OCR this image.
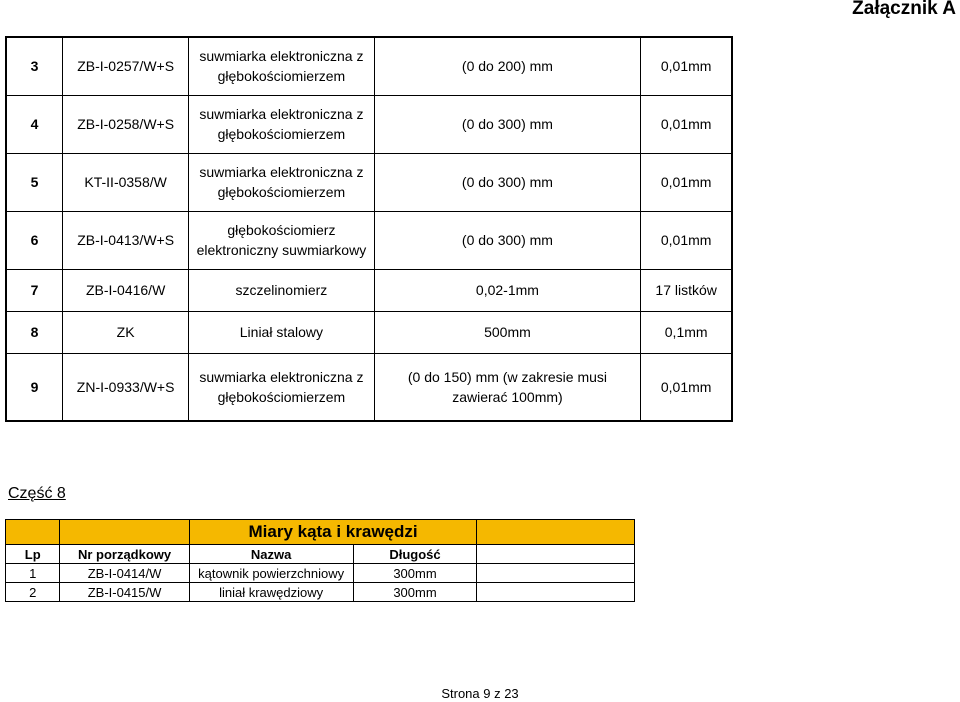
Załącznik A
3	ZB-I-0257/W+S	suwmiarka elektroniczna z głębokościomierzem	(0 do 200) mm	0,01mm
4	ZB-I-0258/W+S	suwmiarka elektroniczna z głębokościomierzem	(0 do 300) mm	0,01mm
5	KT-II-0358/W	suwmiarka elektroniczna z głębokościomierzem	(0 do 300) mm	0,01mm
6	ZB-I-0413/W+S	głębokościomierz elektroniczny suwmiarkowy	(0 do 300) mm	0,01mm
7	ZB-I-0416/W	szczelinomierz	0,02-1mm	17 listków
8	ZK	Liniał stalowy	500mm	0,1mm
9	ZN-I-0933/W+S	suwmiarka elektroniczna z głębokościomierzem	(0 do 150) mm (w zakresie musi zawierać 100mm)	0,01mm
Część 8
		Miary kąta i krawędzi		
Lp	Nr porządkowy	Nazwa	Długość	
1	ZB-I-0414/W	kątownik powierzchniowy	300mm	
2	ZB-I-0415/W	liniał krawędziowy	300mm	
Strona 9 z 23
